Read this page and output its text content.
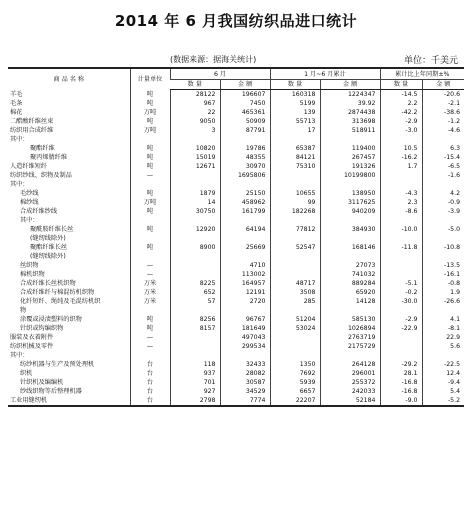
2014 年 6 月我国纺织品进口统计
(数据来源：据海关统计)	单位：千美元
商 品 名 称	计量单位	6 月		1 月~6 月累计		累计比上年同期±%	
		数 量	金 额	数 量	金 额	数 量	金 额
羊毛	吨	28122	196607	160318	1224347	-14.5	-20.6
毛条	吨	967	7450	5199	39.92	2.2	-2.1
棉花	万吨	22	465361	139	2874438	-42.2	-38.6
二醋酸纤维丝束	吨	9050	50909	55713	313698	-2.9	-1.2
纺织用合成纤维	万吨	3	87791	17	518911	-3.0	-4.6
其中：							
聚酯纤维	吨	10820	19786	65387	119400	10.5	6.3
聚丙烯腈纤维	吨	15019	48355	84121	267457	-16.2	-15.4
人造纤维短纤	吨	12671	30970	75310	191326	1.7	-6.5
纺织纱线、织物及制品	—		1695806		10199800		-1.6
其中：							
毛纱线	吨	1879	25150	10655	138950	-4.3	4.2
棉纱线	万吨	14	458962	99	3117625	2.3	-0.9
合成纤维纱线	吨	30750	161799	182268	940209	-8.6	-3.9
其中：							

聚酰胺纤维长丝
(缝纫线除外)	吨	12920	64194	77812	384930	-10.0	-5.0

聚酯纤维长丝
(缝纫线除外)	吨	8900	25669	52547	168146	-11.8	-10.8
丝织物	—		4710		27073		-13.5
棉机织物	—		113002		741032		-16.1
合成纤维长丝机织物	万米	8225	164957	48717	889284	-5.1	-0.8
合成纤维纤与棉混纺机织物	万米	652	12191	3508	65920	-0.2	1.9

化纤短纤、绳纯及毛混纺机织
物	万米	57	2720	285	14128	-30.0	-26.6
涂覆或浸渍塑料的织物	吨	8256	96767	51204	585130	-2.9	4.1
针织或钩编织物	吨	8157	181649	53024	1026894	-22.9	-8.1
服装及衣着附件	—		497043		2763719		22.9
纺织机械及零件	—		299534		2175729		5.6
其中：							
纺纱机器与生产及预处理机	台	118	32433	1350	264128	-29.2	-22.5
织机	台	937	28082	7692	296001	28.1	12.4
针织机及编编机	台	701	30587	5939	255372	-16.8	-9.4
纱线织物等后整理机器	台	927	34529	6657	242033	-16.8	5.4
工业用缝纫机	台	2798	7774	22207	52184	-9.0	-5.2
